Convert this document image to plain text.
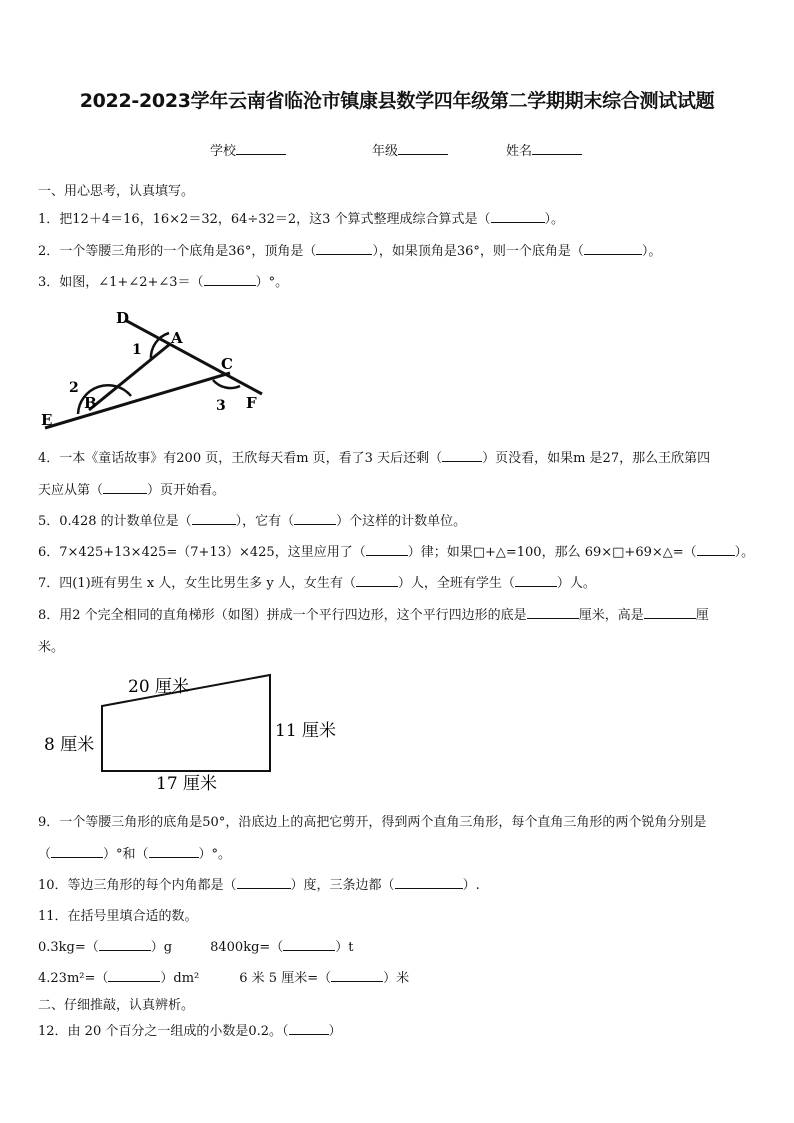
2022-2023学年云南省临沧市镇康县数学四年级第二学期期末综合测试试题
学校	年级	姓名
一、用心思考，认真填写。
1．把12＋4＝16，16×2＝32，64÷32＝2，这3 个算式整理成综合算式是（	）。
2．一个等腰三角形的一个底角是36°，顶角是（	），如果顶角是36°，则一个底角是（	）。
3．如图，∠1+∠2+∠3＝（	）°。
D
A
C
B
E
F
1
2
3
4．一本《童话故事》有200 页，王欣每天看m 页，看了3 天后还剩（	）页没看，如果m 是27，那么王欣第四
天应从第（	）页开始看。
5．0.428 的计数单位是（	），它有（	）个这样的计数单位。
6．7×425+13×425=（7+13）×425，这里应用了（	）律；如果□+△=100，那么 69×□+69×△=（	）。
7．四(1)班有男生 x 人，女生比男生多 y 人，女生有（	）人，全班有学生（	）人。
8．用2 个完全相同的直角梯形（如图）拼成一个平行四边形，这个平行四边形的底是	厘米，高是	厘
米。
20 厘米
8 厘米
11 厘米
17 厘米
9．一个等腰三角形的底角是50°，沿底边上的高把它剪开，得到两个直角三角形，每个直角三角形的两个锐角分别是
（	）°和（	）°。
10．等边三角形的每个内角都是（	）度，三条边都（	）.
11．在括号里填合适的数。
0.3kg=（	）g	8400kg=（	）t
4.23m²=（	）dm²	6 米 5 厘米=（	）米
二、仔细推敲，认真辨析。
12．由 20 个百分之一组成的小数是0.2。（	）
